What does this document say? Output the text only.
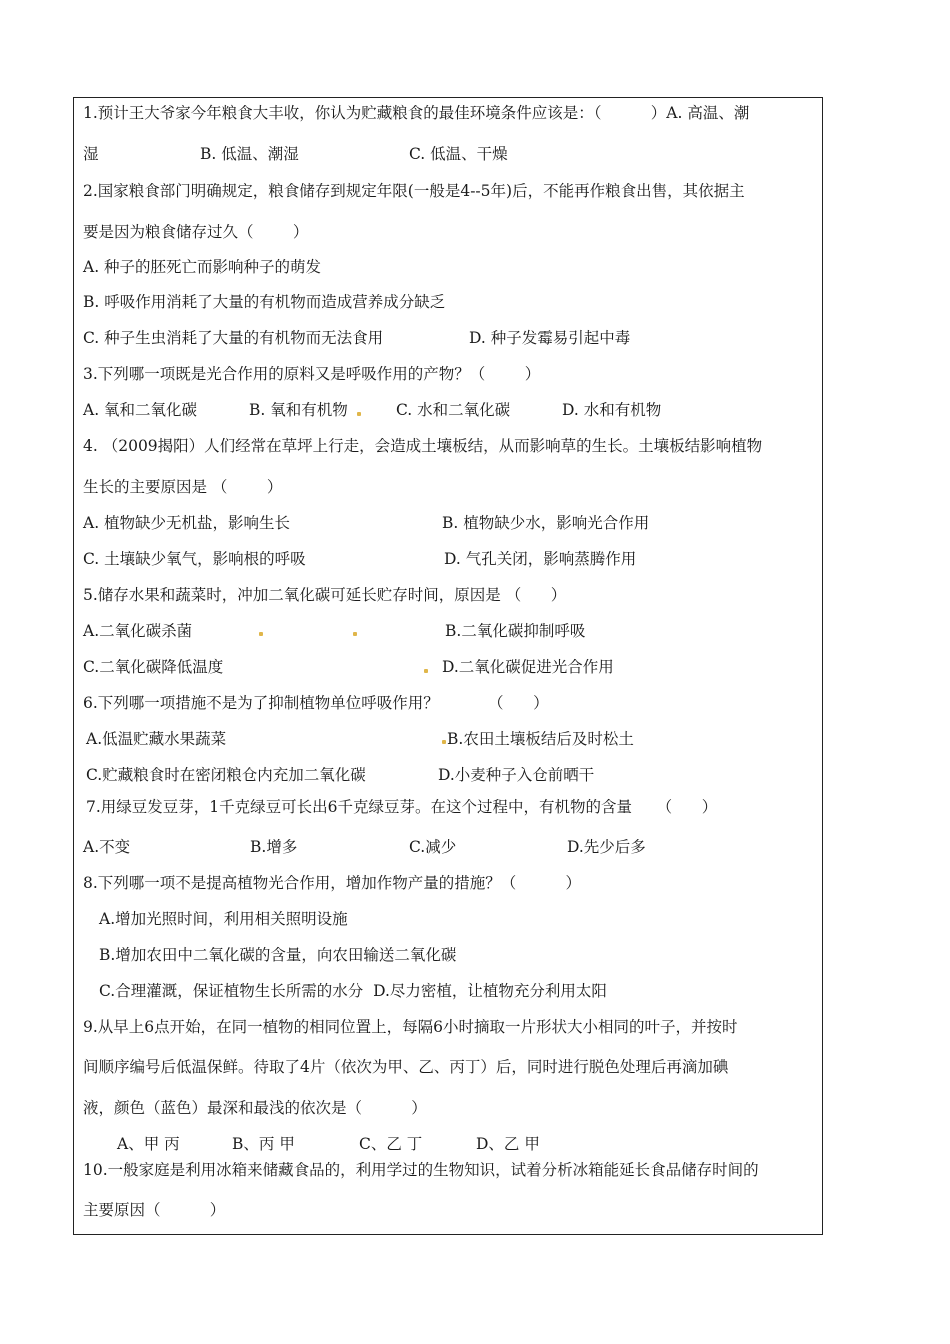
1.预计王大爷家今年粮食大丰收，你认为贮藏粮食的最佳环境条件应该是：（          ）A. 高温、潮
湿	B. 低温、潮湿	C. 低温、干燥
2.国家粮食部门明确规定，粮食储存到规定年限(一般是4--5年)后，不能再作粮食出售，其依据主
要是因为粮食储存过久（        ）
A. 种子的胚死亡而影响种子的萌发
B. 呼吸作用消耗了大量的有机物而造成营养成分缺乏
C. 种子生虫消耗了大量的有机物而无法食用	D. 种子发霉易引起中毒
3.下列哪一项既是光合作用的原料又是呼吸作用的产物？（        ）
A. 氧和二氧化碳	B. 氧和有机物	C. 水和二氧化碳	D. 水和有机物
4. （2009揭阳）人们经常在草坪上行走，会造成土壤板结，从而影响草的生长。土壤板结影响植物
生长的主要原因是 （        ）
A. 植物缺少无机盐，影响生长	B. 植物缺少水，影响光合作用
C. 土壤缺少氧气，影响根的呼吸	D. 气孔关闭，影响蒸腾作用
5.储存水果和蔬菜时，冲加二氧化碳可延长贮存时间，原因是 （      ）
A.二氧化碳杀菌	B.二氧化碳抑制呼吸
C.二氧化碳降低温度	D.二氧化碳促进光合作用
6.下列哪一项措施不是为了抑制植物单位呼吸作用？          （      ）
A.低温贮藏水果蔬菜	B.农田土壤板结后及时松土
C.贮藏粮食时在密闭粮仓内充加二氧化碳	D.小麦种子入仓前晒干
7.用绿豆发豆芽，1千克绿豆可长出6千克绿豆芽。在这个过程中，有机物的含量     （      ）
A.不变	B.增多	C.减少	D.先少后多
8.下列哪一项不是提高植物光合作用，增加作物产量的措施？（          ）
A.增加光照时间，利用相关照明设施
B.增加农田中二氧化碳的含量，向农田输送二氧化碳
C.合理灌溉，保证植物生长所需的水分  D.尽力密植，让植物充分利用太阳
9.从早上6点开始，在同一植物的相同位置上，每隔6小时摘取一片形状大小相同的叶子，并按时
间顺序编号后低温保鲜。待取了4片（依次为甲、乙、丙丁）后，同时进行脱色处理后再滴加碘
液，颜色（蓝色）最深和最浅的依次是（          ）
A、甲 丙	B、丙 甲	C、乙 丁	D、乙 甲
10.一般家庭是利用冰箱来储藏食品的，利用学过的生物知识，试着分析冰箱能延长食品储存时间的
主要原因（          ）
